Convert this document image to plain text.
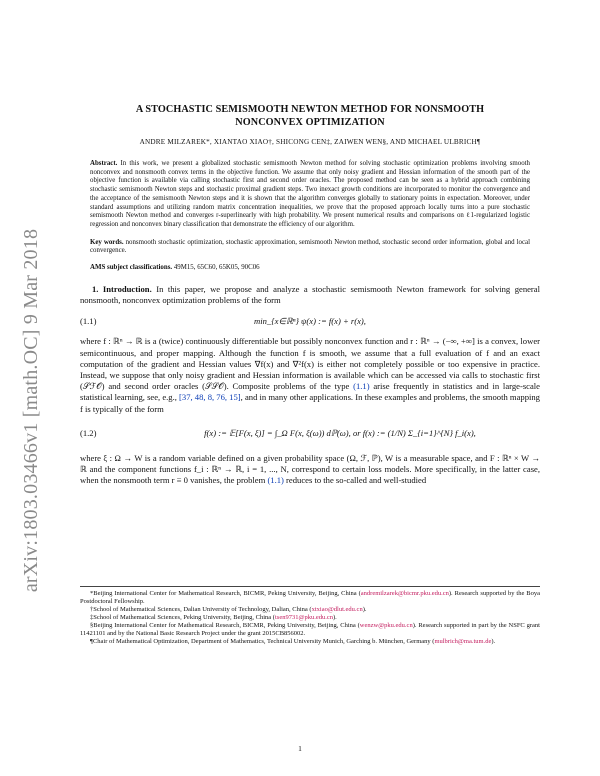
arXiv:1803.03466v1 [math.OC] 9 Mar 2018
A STOCHASTIC SEMISMOOTH NEWTON METHOD FOR NONSMOOTH
NONCONVEX OPTIMIZATION
ANDRE MILZAREK*, XIANTAO XIAO†, SHICONG CEN‡, ZAIWEN WEN§, AND MICHAEL ULBRICH¶
Abstract. In this work, we present a globalized stochastic semismooth Newton method for solving stochastic optimization problems involving smooth nonconvex and nonsmooth convex terms in the objective function. We assume that only noisy gradient and Hessian information of the smooth part of the objective function is available via calling stochastic first and second order oracles. The proposed method can be seen as a hybrid approach combining stochastic semismooth Newton steps and stochastic proximal gradient steps. Two inexact growth conditions are incorporated to monitor the convergence and the acceptance of the semismooth Newton steps and it is shown that the algorithm converges globally to stationary points in expectation. Moreover, under standard assumptions and utilizing random matrix concentration inequalities, we prove that the proposed approach locally turns into a pure stochastic semismooth Newton method and converges r-superlinearly with high probability. We present numerical results and comparisons on ℓ1-regularized logistic regression and nonconvex binary classification that demonstrate the efficiency of our algorithm.
Key words. nonsmooth stochastic optimization, stochastic approximation, semismooth Newton method, stochastic second order information, global and local convergence.
AMS subject classifications. 49M15, 65C60, 65K05, 90C06

1. Introduction. In this paper, we propose and analyze a stochastic semismooth Newton framework for solving general nonsmooth, nonconvex optimization problems of the form

(1.1)	min_{x∈ℝⁿ} ψ(x) := f(x) + r(x),

where f : ℝⁿ → ℝ is a (twice) continuously differentiable but possibly nonconvex function and r : ℝⁿ → (−∞, +∞] is a convex, lower semicontinuous, and proper mapping. Although the function f is smooth, we assume that a full evaluation of f and an exact computation of the gradient and Hessian values ∇f(x) and ∇²f(x) is either not completely possible or too expensive in practice. Instead, we suppose that only noisy gradient and Hessian information is available which can be accessed via calls to stochastic first (𝒮ℱ𝒪) and second order oracles (𝒮𝒮𝒪). Composite problems of the type (1.1) arise frequently in statistics and in large-scale statistical learning, see, e.g., [37, 48, 8, 76, 15], and in many other applications. In these examples and problems, the smooth mapping f is typically of the form

(1.2)	f(x) := 𝔼[F(x, ξ)] = ∫_Ω F(x, ξ(ω)) dℙ(ω), or f(x) := (1/N) Σ_{i=1}^{N} f_i(x),

where ξ : Ω → W is a random variable defined on a given probability space (Ω, ℱ, ℙ), W is a measurable space, and F : ℝⁿ × W → ℝ and the component functions f_i : ℝⁿ → ℝ, i = 1, ..., N, correspond to certain loss models. More specifically, in the latter case, when the nonsmooth term r ≡ 0 vanishes, the problem (1.1) reduces to the so-called and well-studied

*Beijing International Center for Mathematical Research, BICMR, Peking University, Beijing, China (andremilzarek@bicmr.pku.edu.cn). Research supported by the Boya Postdoctoral Fellowship.

†School of Mathematical Sciences, Dalian University of Technology, Dalian, China (xtxiao@dlut.edu.cn).

‡School of Mathematical Sciences, Peking University, Beijing, China (tsen9731@pku.edu.cn).

§Beijing International Center for Mathematical Research, BICMR, Peking University, Beijing, China (wenzw@pku.edu.cn). Research supported in part by the NSFC grant 11421101 and by the National Basic Research Project under the grant 2015CB856002.

¶Chair of Mathematical Optimization, Department of Mathematics, Technical University Munich, Garching b. München, Germany (mulbrich@ma.tum.de).

1
